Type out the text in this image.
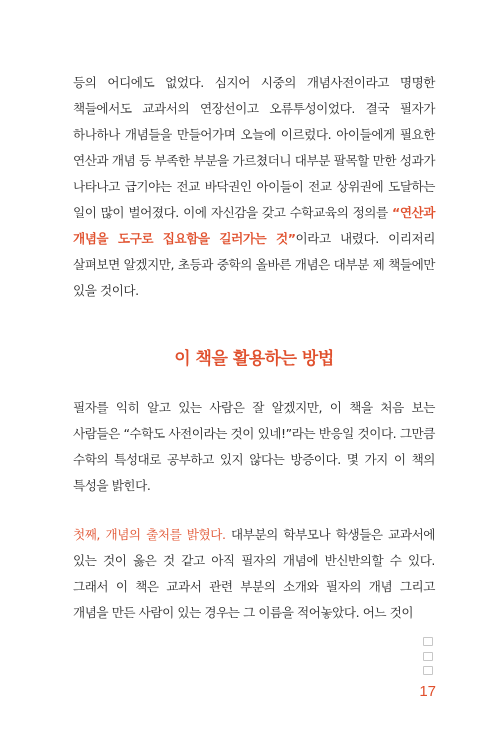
등의 어디에도 없었다. 심지어 시중의 개념사전이라고 명명한 책들에서도 교과서의 연장선이고 오류투성이었다. 결국 필자가 하나하나 개념들을 만들어가며 오늘에 이르렀다. 아이들에게 필요한 연산과 개념 등 부족한 부분을 가르쳤더니 대부분 팔목할 만한 성과가 나타나고 급기야는 전교 바닥권인 아이들이 전교 상위권에 도달하는 일이 많이 벌어졌다. 이에 자신감을 갖고 수학교육의 정의를 “연산과 개념을 도구로 집요함을 길러가는 것”이라고 내렸다. 이리저리 살펴보면 알겠지만, 초등과 중학의 올바른 개념은 대부분 제 책들에만 있을 것이다.

이 책을 활용하는 방법

필자를 익히 알고 있는 사람은 잘 알겠지만, 이 책을 처음 보는 사람들은 “수학도 사전이라는 것이 있네!”라는 반응일 것이다. 그만큼 수학의 특성대로 공부하고 있지 않다는 방증이다. 몇 가지 이 책의 특성을 밝힌다.

첫째, 개념의 출처를 밝혔다. 대부분의 학부모나 학생들은 교과서에 있는 것이 옳은 것 같고 아직 필자의 개념에 반신반의할 수 있다. 그래서 이 책은 교과서 관련 부분의 소개와 필자의 개념 그리고 개념을 만든 사람이 있는 경우는 그 이름을 적어놓았다. 어느 것이

17
